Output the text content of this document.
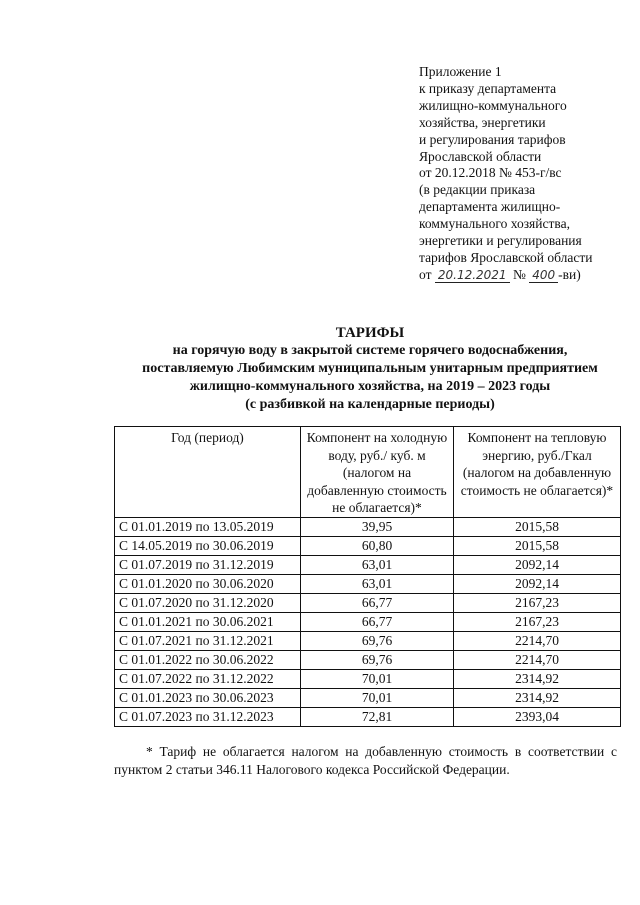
Приложение 1
к приказу департамента
жилищно-коммунального
хозяйства, энергетики
и регулирования тарифов
Ярославской области
от 20.12.2018 № 453-г/вс
(в редакции приказа
департамента жилищно-
коммунального хозяйства,
энергетики и регулирования
тарифов Ярославской области
от 20.12.2021 № 400 -ви)
ТАРИФЫ
на горячую воду в закрытой системе горячего водоснабжения,
поставляемую Любимским муниципальным унитарным предприятием
жилищно-коммунального хозяйства, на 2019 – 2023 годы
(с разбивкой на календарные периоды)
Год (период)	Компонент на холодную воду, руб./ куб. м (налогом на добавленную стоимость не облагается)*	Компонент на тепловую энергию, руб./Гкал (налогом на добавленную стоимость не облагается)*
С 01.01.2019 по 13.05.2019	39,95	2015,58
С 14.05.2019 по 30.06.2019	60,80	2015,58
С 01.07.2019 по 31.12.2019	63,01	2092,14
С 01.01.2020 по 30.06.2020	63,01	2092,14
С 01.07.2020 по 31.12.2020	66,77	2167,23
С 01.01.2021 по 30.06.2021	66,77	2167,23
С 01.07.2021 по 31.12.2021	69,76	2214,70
С 01.01.2022 по 30.06.2022	69,76	2214,70
С 01.07.2022 по 31.12.2022	70,01	2314,92
С 01.01.2023 по 30.06.2023	70,01	2314,92
С 01.07.2023 по 31.12.2023	72,81	2393,04

* Тариф не облагается налогом на добавленную стоимость в соответствии с пунктом 2 статьи 346.11 Налогового кодекса Российской Федерации.
